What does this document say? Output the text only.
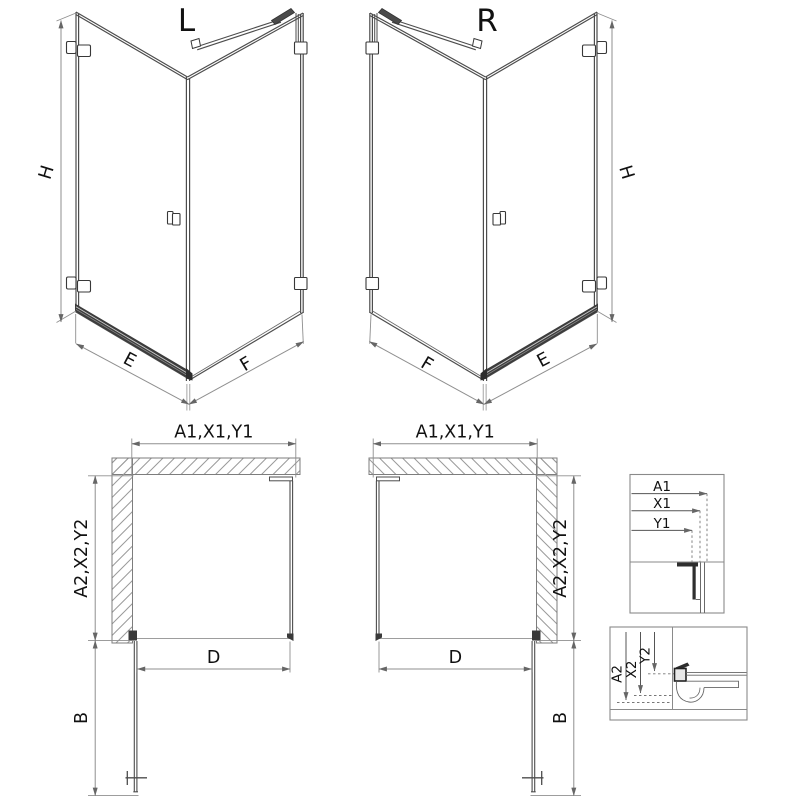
A1
X1
Y1
A2
X2
Y2
L	R
H
E	F
H
E
F
A1,X1,Y1
A2,X2,Y2
D
B
A1,X1,Y1
A2,X2,Y2
D
B
